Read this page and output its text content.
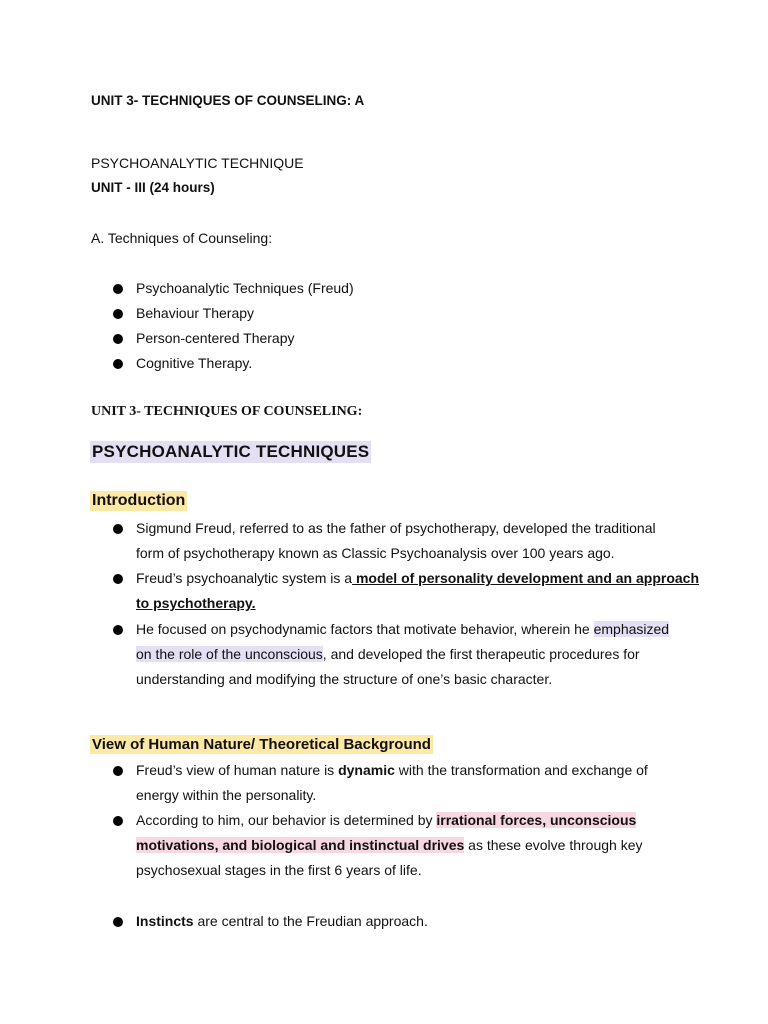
UNIT 3- TECHNIQUES OF COUNSELING: A

PSYCHOANALYTIC TECHNIQUE

UNIT - III (24 hours)

A. Techniques of Counseling:

Psychoanalytic Techniques (Freud)
Behaviour Therapy
Person-centered Therapy
Cognitive Therapy.

UNIT 3- TECHNIQUES OF COUNSELING:

PSYCHOANALYTIC TECHNIQUES

Introduction

Sigmund Freud, referred to as the father of psychotherapy, developed the traditional
form of psychotherapy known as Classic Psychoanalysis over 100 years ago.
Freud’s psychoanalytic system is a model of personality development and an approach
to psychotherapy.
He focused on psychodynamic factors that motivate behavior, wherein he emphasized
on the role of the unconscious, and developed the first therapeutic procedures for
understanding and modifying the structure of one’s basic character.

View of Human Nature/ Theoretical Background

Freud’s view of human nature is dynamic with the transformation and exchange of
energy within the personality.
According to him, our behavior is determined by irrational forces, unconscious
motivations, and biological and instinctual drives as these evolve through key
psychosexual stages in the first 6 years of life.
Instincts are central to the Freudian approach.
